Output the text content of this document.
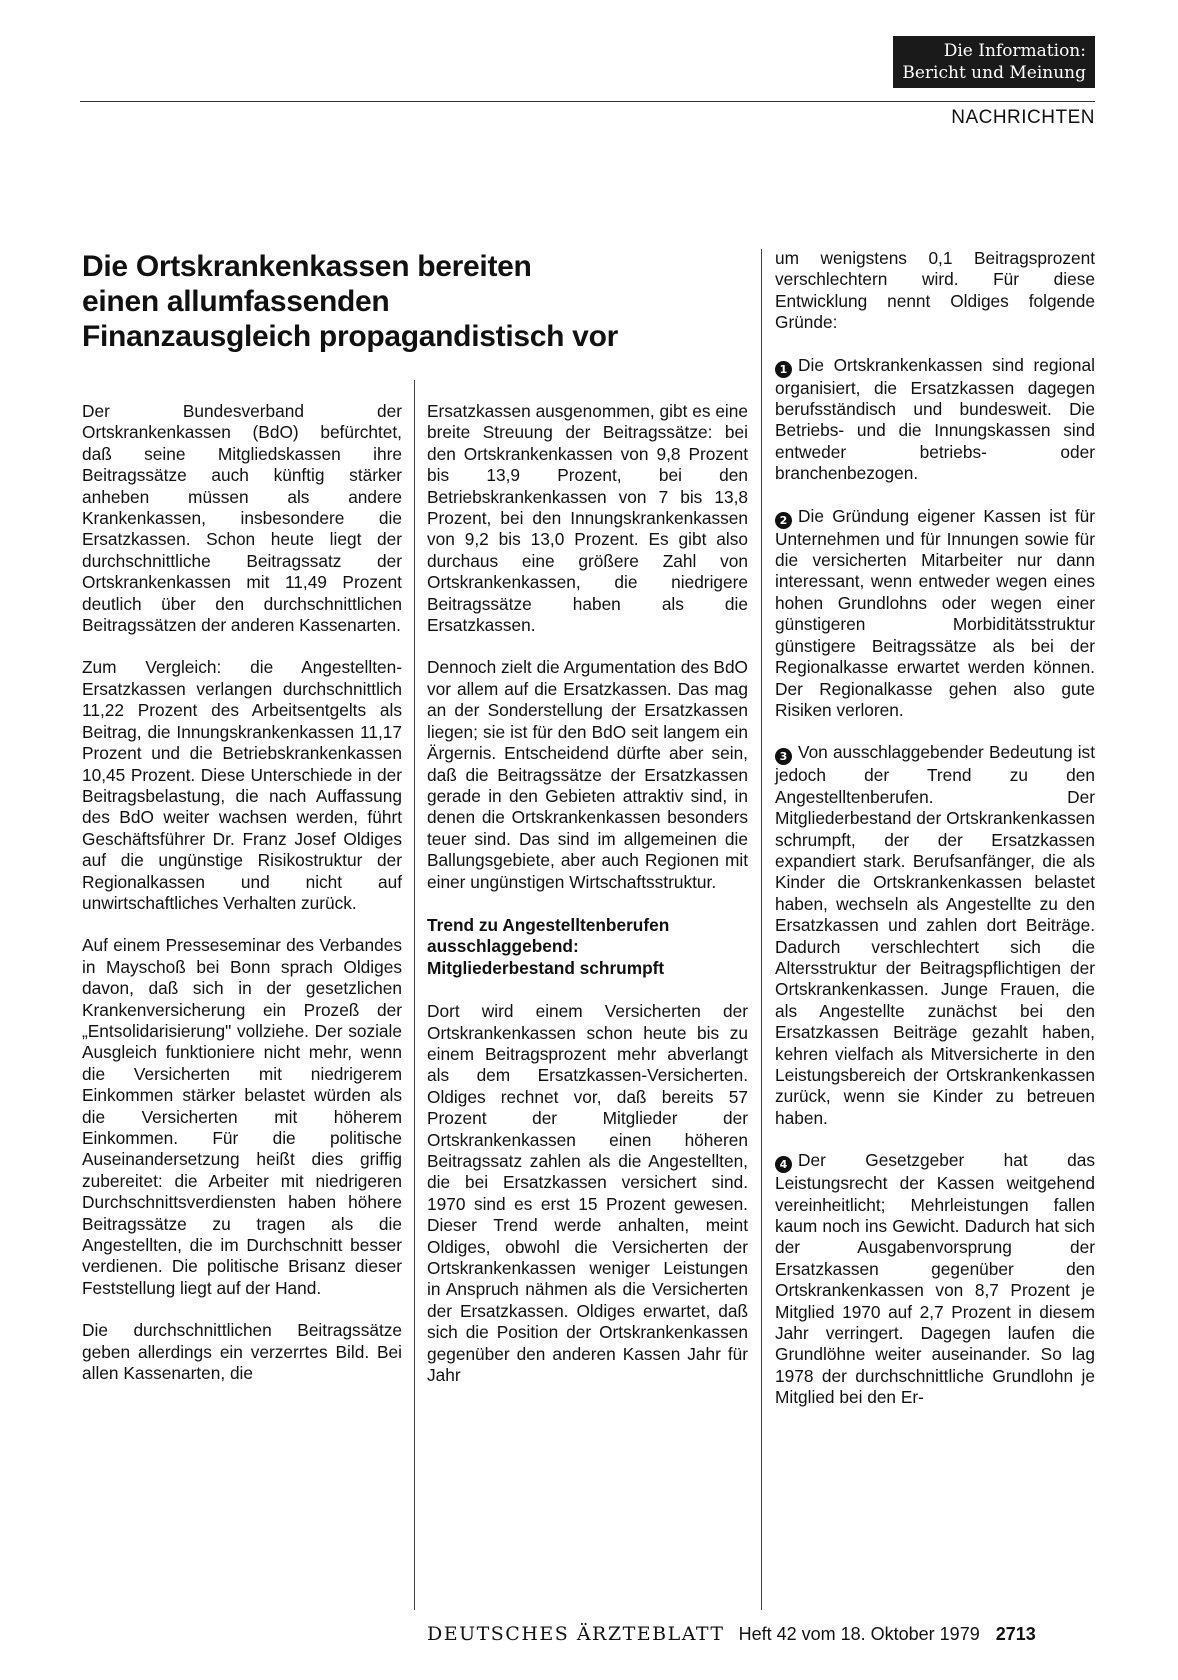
Die Information:
Bericht und Meinung
NACHRICHTEN
Die Ortskrankenkassen bereiten
einen allumfassenden
Finanzausgleich propagandistisch vor

Der Bundesverband der Ortskrankenkassen (BdO) befürchtet, daß seine Mitgliedskassen ihre Beitragssätze auch künftig stärker anheben müssen als andere Krankenkassen, insbesondere die Ersatzkassen. Schon heute liegt der durchschnittliche Beitragssatz der Ortskrankenkassen mit 11,49 Prozent deutlich über den durchschnittlichen Beitragssätzen der anderen Kassenarten.

Zum Vergleich: die Angestellten-Ersatzkassen verlangen durchschnittlich 11,22 Prozent des Arbeitsentgelts als Beitrag, die Innungskrankenkassen 11,17 Prozent und die Betriebskrankenkassen 10,45 Prozent. Diese Unterschiede in der Beitragsbelastung, die nach Auffassung des BdO weiter wachsen werden, führt Geschäftsführer Dr. Franz Josef Oldiges auf die ungünstige Risikostruktur der Regionalkassen und nicht auf unwirtschaftliches Verhalten zurück.

Auf einem Presseseminar des Verbandes in Mayschoß bei Bonn sprach Oldiges davon, daß sich in der gesetzlichen Krankenversicherung ein Prozeß der „Entsolidarisierung" vollziehe. Der soziale Ausgleich funktioniere nicht mehr, wenn die Versicherten mit niedrigerem Einkommen stärker belastet würden als die Versicherten mit höherem Einkommen. Für die politische Auseinandersetzung heißt dies griffig zubereitet: die Arbeiter mit niedrigeren Durchschnittsverdiensten haben höhere Beitragssätze zu tragen als die Angestellten, die im Durchschnitt besser verdienen. Die politische Brisanz dieser Feststellung liegt auf der Hand.

Die durchschnittlichen Beitragssätze geben allerdings ein verzerrtes Bild. Bei allen Kassenarten, die

Ersatzkassen ausgenommen, gibt es eine breite Streuung der Beitragssätze: bei den Ortskrankenkassen von 9,8 Prozent bis 13,9 Prozent, bei den Betriebskrankenkassen von 7 bis 13,8 Prozent, bei den Innungskrankenkassen von 9,2 bis 13,0 Prozent. Es gibt also durchaus eine größere Zahl von Ortskrankenkassen, die niedrigere Beitragssätze haben als die Ersatzkassen.

Dennoch zielt die Argumentation des BdO vor allem auf die Ersatzkassen. Das mag an der Sonderstellung der Ersatzkassen liegen; sie ist für den BdO seit langem ein Ärgernis. Entscheidend dürfte aber sein, daß die Beitragssätze der Ersatzkassen gerade in den Gebieten attraktiv sind, in denen die Ortskrankenkassen besonders teuer sind. Das sind im allgemeinen die Ballungsgebiete, aber auch Regionen mit einer ungünstigen Wirtschaftsstruktur.

Trend zu Angestelltenberufen
ausschlaggebend:
Mitgliederbestand schrumpft

Dort wird einem Versicherten der Ortskrankenkassen schon heute bis zu einem Beitragsprozent mehr abverlangt als dem Ersatzkassen-Versicherten. Oldiges rechnet vor, daß bereits 57 Prozent der Mitglieder der Ortskrankenkassen einen höheren Beitragssatz zahlen als die Angestellten, die bei Ersatzkassen versichert sind. 1970 sind es erst 15 Prozent gewesen. Dieser Trend werde anhalten, meint Oldiges, obwohl die Versicherten der Ortskrankenkassen weniger Leistungen in Anspruch nähmen als die Versicherten der Ersatzkassen. Oldiges erwartet, daß sich die Position der Ortskrankenkassen gegenüber den anderen Kassen Jahr für Jahr

um wenigstens 0,1 Beitragsprozent verschlechtern wird. Für diese Entwicklung nennt Oldiges folgende Gründe:

1 Die Ortskrankenkassen sind regional organisiert, die Ersatzkassen dagegen berufsständisch und bundesweit. Die Betriebs- und die Innungskassen sind entweder betriebs- oder branchenbezogen.

2 Die Gründung eigener Kassen ist für Unternehmen und für Innungen sowie für die versicherten Mitarbeiter nur dann interessant, wenn entweder wegen eines hohen Grundlohns oder wegen einer günstigeren Morbiditätsstruktur günstigere Beitragssätze als bei der Regionalkasse erwartet werden können. Der Regionalkasse gehen also gute Risiken verloren.

3 Von ausschlaggebender Bedeutung ist jedoch der Trend zu den Angestelltenberufen. Der Mitgliederbestand der Ortskrankenkassen schrumpft, der der Ersatzkassen expandiert stark. Berufsanfänger, die als Kinder die Ortskrankenkassen belastet haben, wechseln als Angestellte zu den Ersatzkassen und zahlen dort Beiträge. Dadurch verschlechtert sich die Altersstruktur der Beitragspflichtigen der Ortskrankenkassen. Junge Frauen, die als Angestellte zunächst bei den Ersatzkassen Beiträge gezahlt haben, kehren vielfach als Mitversicherte in den Leistungsbereich der Ortskrankenkassen zurück, wenn sie Kinder zu betreuen haben.

4 Der Gesetzgeber hat das Leistungsrecht der Kassen weitgehend vereinheitlicht; Mehrleistungen fallen kaum noch ins Gewicht. Dadurch hat sich der Ausgabenvorsprung der Ersatzkassen gegenüber den Ortskrankenkassen von 8,7 Prozent je Mitglied 1970 auf 2,7 Prozent in diesem Jahr verringert. Dagegen laufen die Grundlöhne weiter auseinander. So lag 1978 der durchschnittliche Grundlohn je Mitglied bei den Er-

DEUTSCHES ÄRZTEBLATT Heft 42 vom 18. Oktober 1979 2713
